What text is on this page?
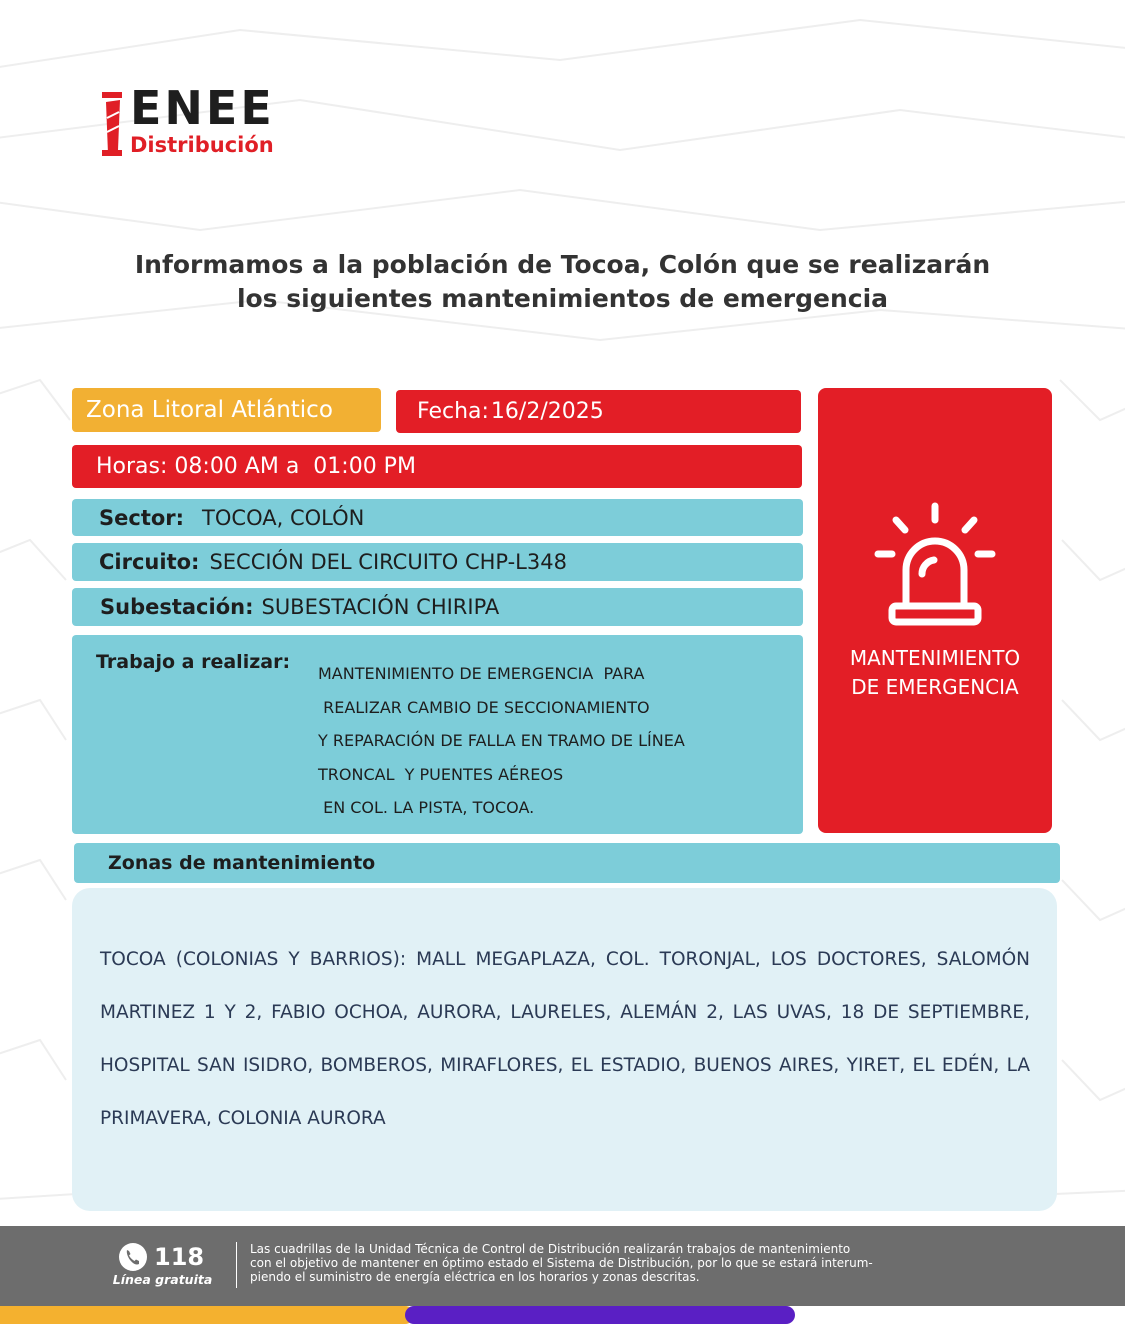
ENEE
Distribución
Informamos a la población de Tocoa, Colón que se realizarán
los siguientes mantenimientos de emergencia
Zona Litoral Atlántico	Fecha: 16/2/2025
Horas: 08:00 AM a  01:00 PM
Sector: TOCOA, COLÓN
Circuito: SECCIÓN DEL CIRCUITO CHP-L348
Subestación: SUBESTACIÓN CHIRIPA
Trabajo a realizar:
MANTENIMIENTO DE EMERGENCIA  PARA
REALIZAR CAMBIO DE SECCIONAMIENTO
Y REPARACIÓN DE FALLA EN TRAMO DE LÍNEA
TRONCAL  Y PUENTES AÉREOS
EN COL. LA PISTA, TOCOA.
MANTENIMIENTO
DE EMERGENCIA
Zonas de mantenimiento
TOCOA (COLONIAS Y BARRIOS): MALL MEGAPLAZA, COL. TORONJAL, LOS DOCTORES, SALOMÓN MARTINEZ 1 Y 2, FABIO OCHOA, AURORA, LAURELES, ALEMÁN 2, LAS UVAS, 18 DE SEPTIEMBRE, HOSPITAL SAN ISIDRO, BOMBEROS, MIRAFLORES, EL ESTADIO, BUENOS AIRES, YIRET, EL EDÉN, LA PRIMAVERA, COLONIA AURORA
118
Línea gratuita
Las cuadrillas de la Unidad Técnica de Control de Distribución realizarán trabajos de mantenimiento
con el objetivo de mantener en óptimo estado el Sistema de Distribución, por lo que se estará interum-
piendo el suministro de energía eléctrica en los horarios y zonas descritas.
